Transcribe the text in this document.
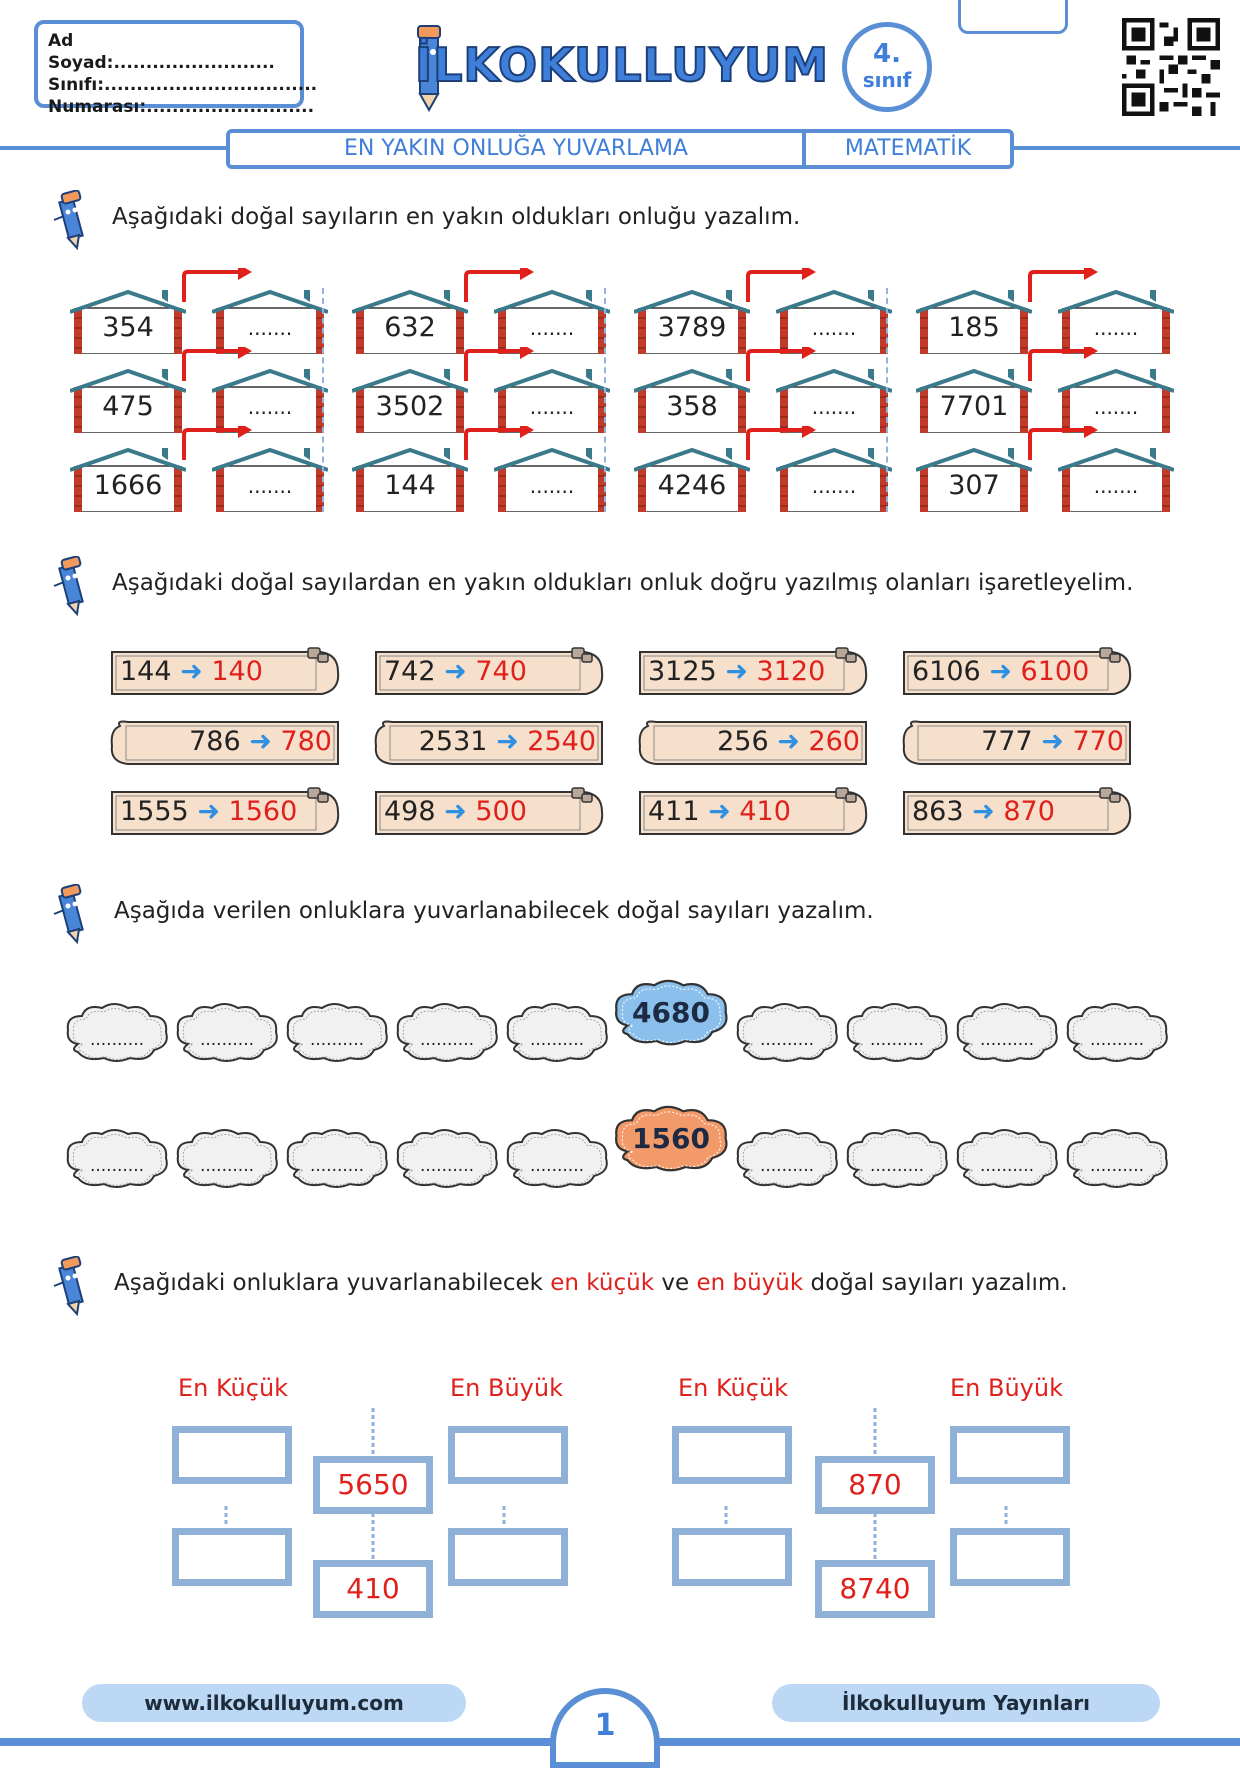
Ad Soyad:.........................
Sınıfı:.................................
Numarası:..........................
İLKOKULLUYUM	4.
sınıf
EN YAKIN ONLUĞA YUVARLAMA	MATEMATİK
Aşağıdaki doğal sayıların en yakın oldukları onluğu yazalım.
354	.......	632	.......	3789	.......	185	.......
475	.......	3502	.......	358	.......	7701	.......
1666	.......	144	.......	4246	.......	307	.......
Aşağıdaki doğal sayılardan en yakın oldukları onluk doğru yazılmış olanları işaretleyelim.
144 ➜ 140	742 ➜ 740	3125 ➜ 3120	6106 ➜ 6100
786 ➜ 780	2531 ➜ 2540	256 ➜ 260	777 ➜ 770
1555 ➜ 1560	498 ➜ 500	411 ➜ 410	863 ➜ 870
Aşağıda verilen onluklara yuvarlanabilecek doğal sayıları yazalım.
..........	..........	..........	..........	..........	..........	..........	..........	..........
4680
..........	..........	..........	..........	..........	..........	..........	..........	..........
1560
Aşağıdaki onluklara yuvarlanabilecek en küçük ve en büyük doğal sayıları yazalım.
En Küçük	En Büyük	En Küçük	En Büyük
5650
410
870
8740
www.ilkokulluyum.com	İlkokulluyum Yayınları
1
